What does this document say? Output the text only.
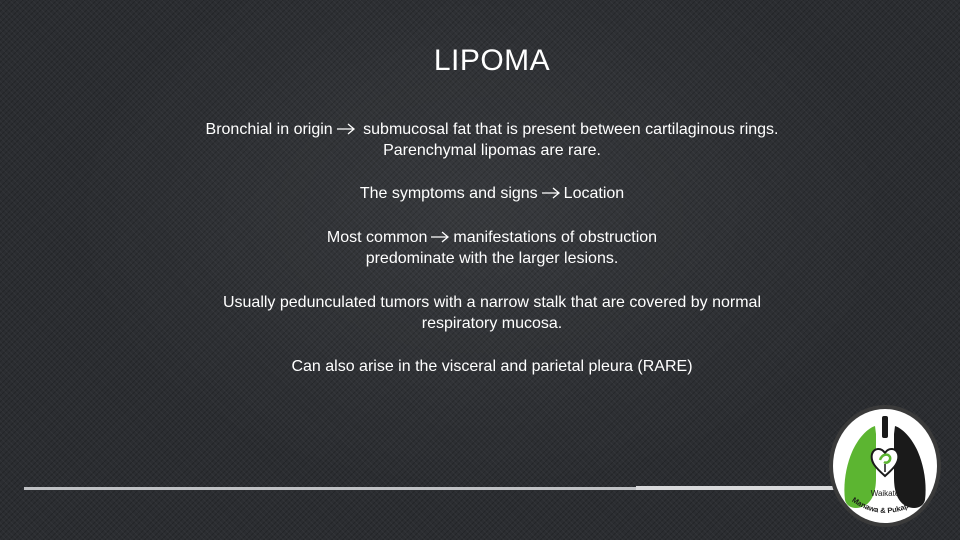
LIPOMA
Bronchial in origin submucosal fat that is present between cartilaginous rings.
Parenchymal lipomas are rare.
The symptoms and signs Location
Most common manifestations of obstruction
predominate with the larger lesions.
Usually pedunculated tumors with a narrow stalk that are covered by normal
respiratory mucosa.
Can also arise in the visceral and parietal pleura (RARE)
Waikato
Manawa & Pukapuka
